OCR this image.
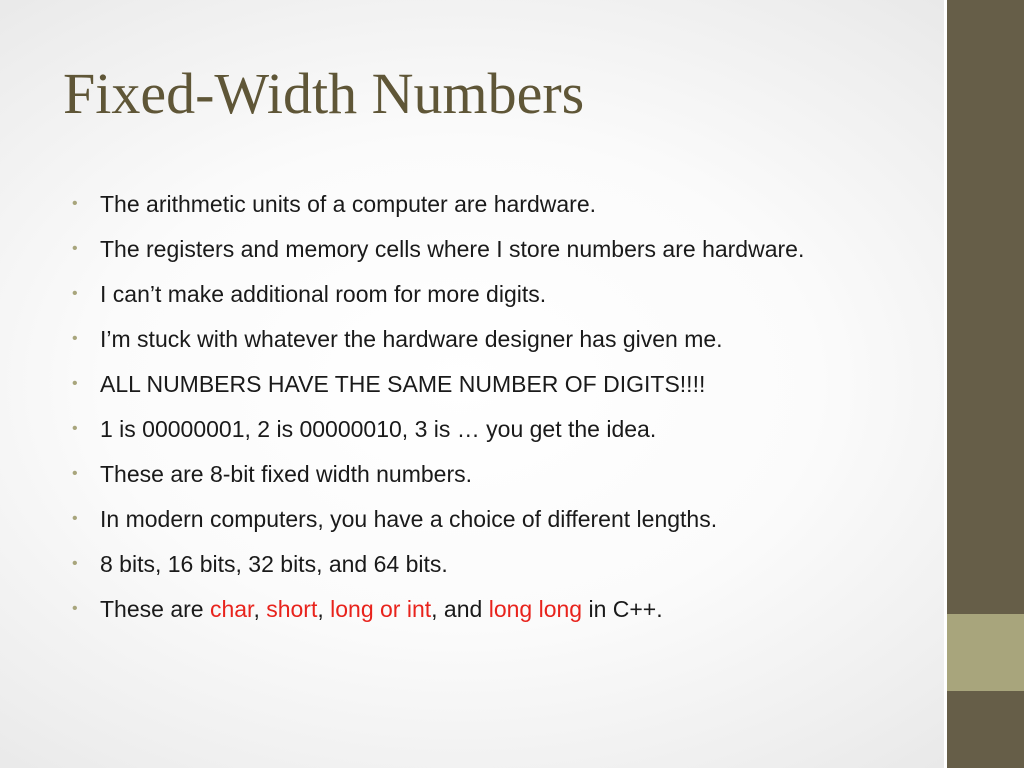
Fixed-Width Numbers
• The arithmetic units of a computer are hardware.
• The registers and memory cells where I store numbers are hardware.
• I can’t make additional room for more digits.
• I’m stuck with whatever the hardware designer has given me.
• ALL NUMBERS HAVE THE SAME NUMBER OF DIGITS!!!!
• 1 is 00000001, 2 is 00000010, 3 is … you get the idea.
• These are 8-bit fixed width numbers.
• In modern computers, you have a choice of different lengths.
• 8 bits, 16 bits, 32 bits, and 64 bits.
• These are char, short, long or int, and long long in C++.
